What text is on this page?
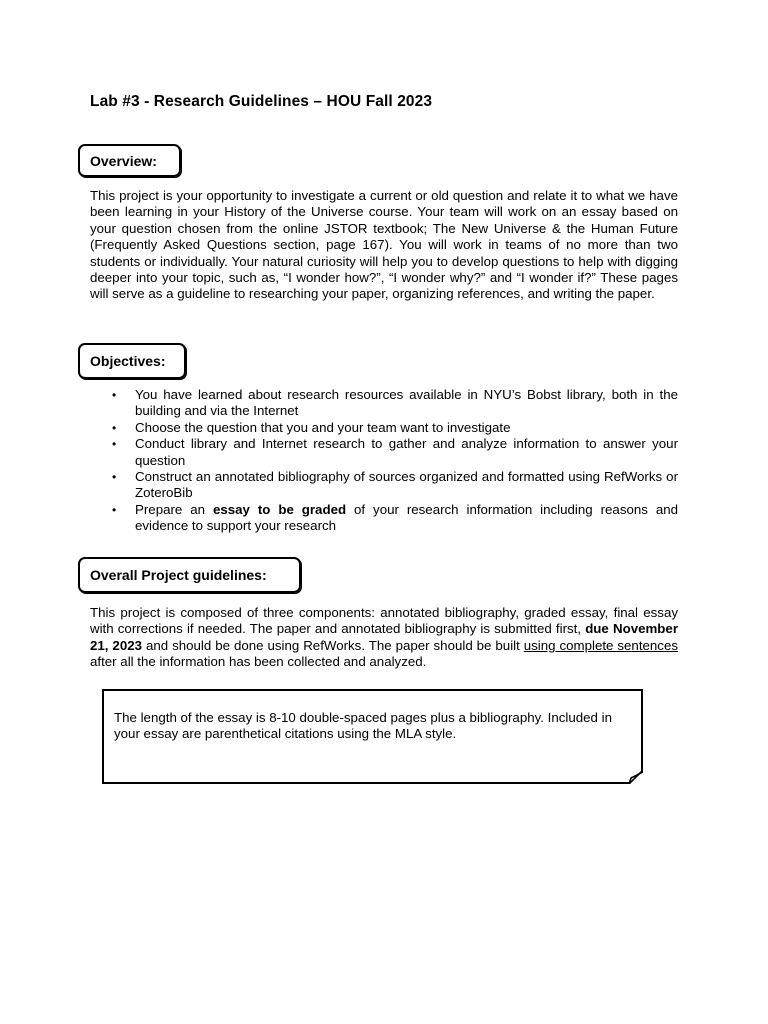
Lab #3 - Research Guidelines – HOU Fall 2023
Overview:

This project is your opportunity to investigate a current or old question and relate it to what we have been learning in your History of the Universe course. Your team will work on an essay based on your question chosen from the online JSTOR textbook; The New Universe & the Human Future (Frequently Asked Questions section, page 167). You will work in teams of no more than two students or individually. Your natural curiosity will help you to develop questions to help with digging deeper into your topic, such as, “I wonder how?”, “I wonder why?” and “I wonder if?” These pages will serve as a guideline to researching your paper, organizing references, and writing the paper.

Objectives:
• You have learned about research resources available in NYU’s Bobst library, both in the building and via the Internet
• Choose the question that you and your team want to investigate
• Conduct library and Internet research to gather and analyze information to answer your question
• Construct an annotated bibliography of sources organized and formatted using RefWorks or ZoteroBib
• Prepare an essay to be graded of your research information including reasons and evidence to support your research
Overall Project guidelines:

This project is composed of three components: annotated bibliography, graded essay, final essay with corrections if needed. The paper and annotated bibliography is submitted first, due November 21, 2023 and should be done using RefWorks. The paper should be built using complete sentences after all the information has been collected and analyzed.

The length of the essay is 8-10 double-spaced pages plus a bibliography. Included in your essay are parenthetical citations using the MLA style.
